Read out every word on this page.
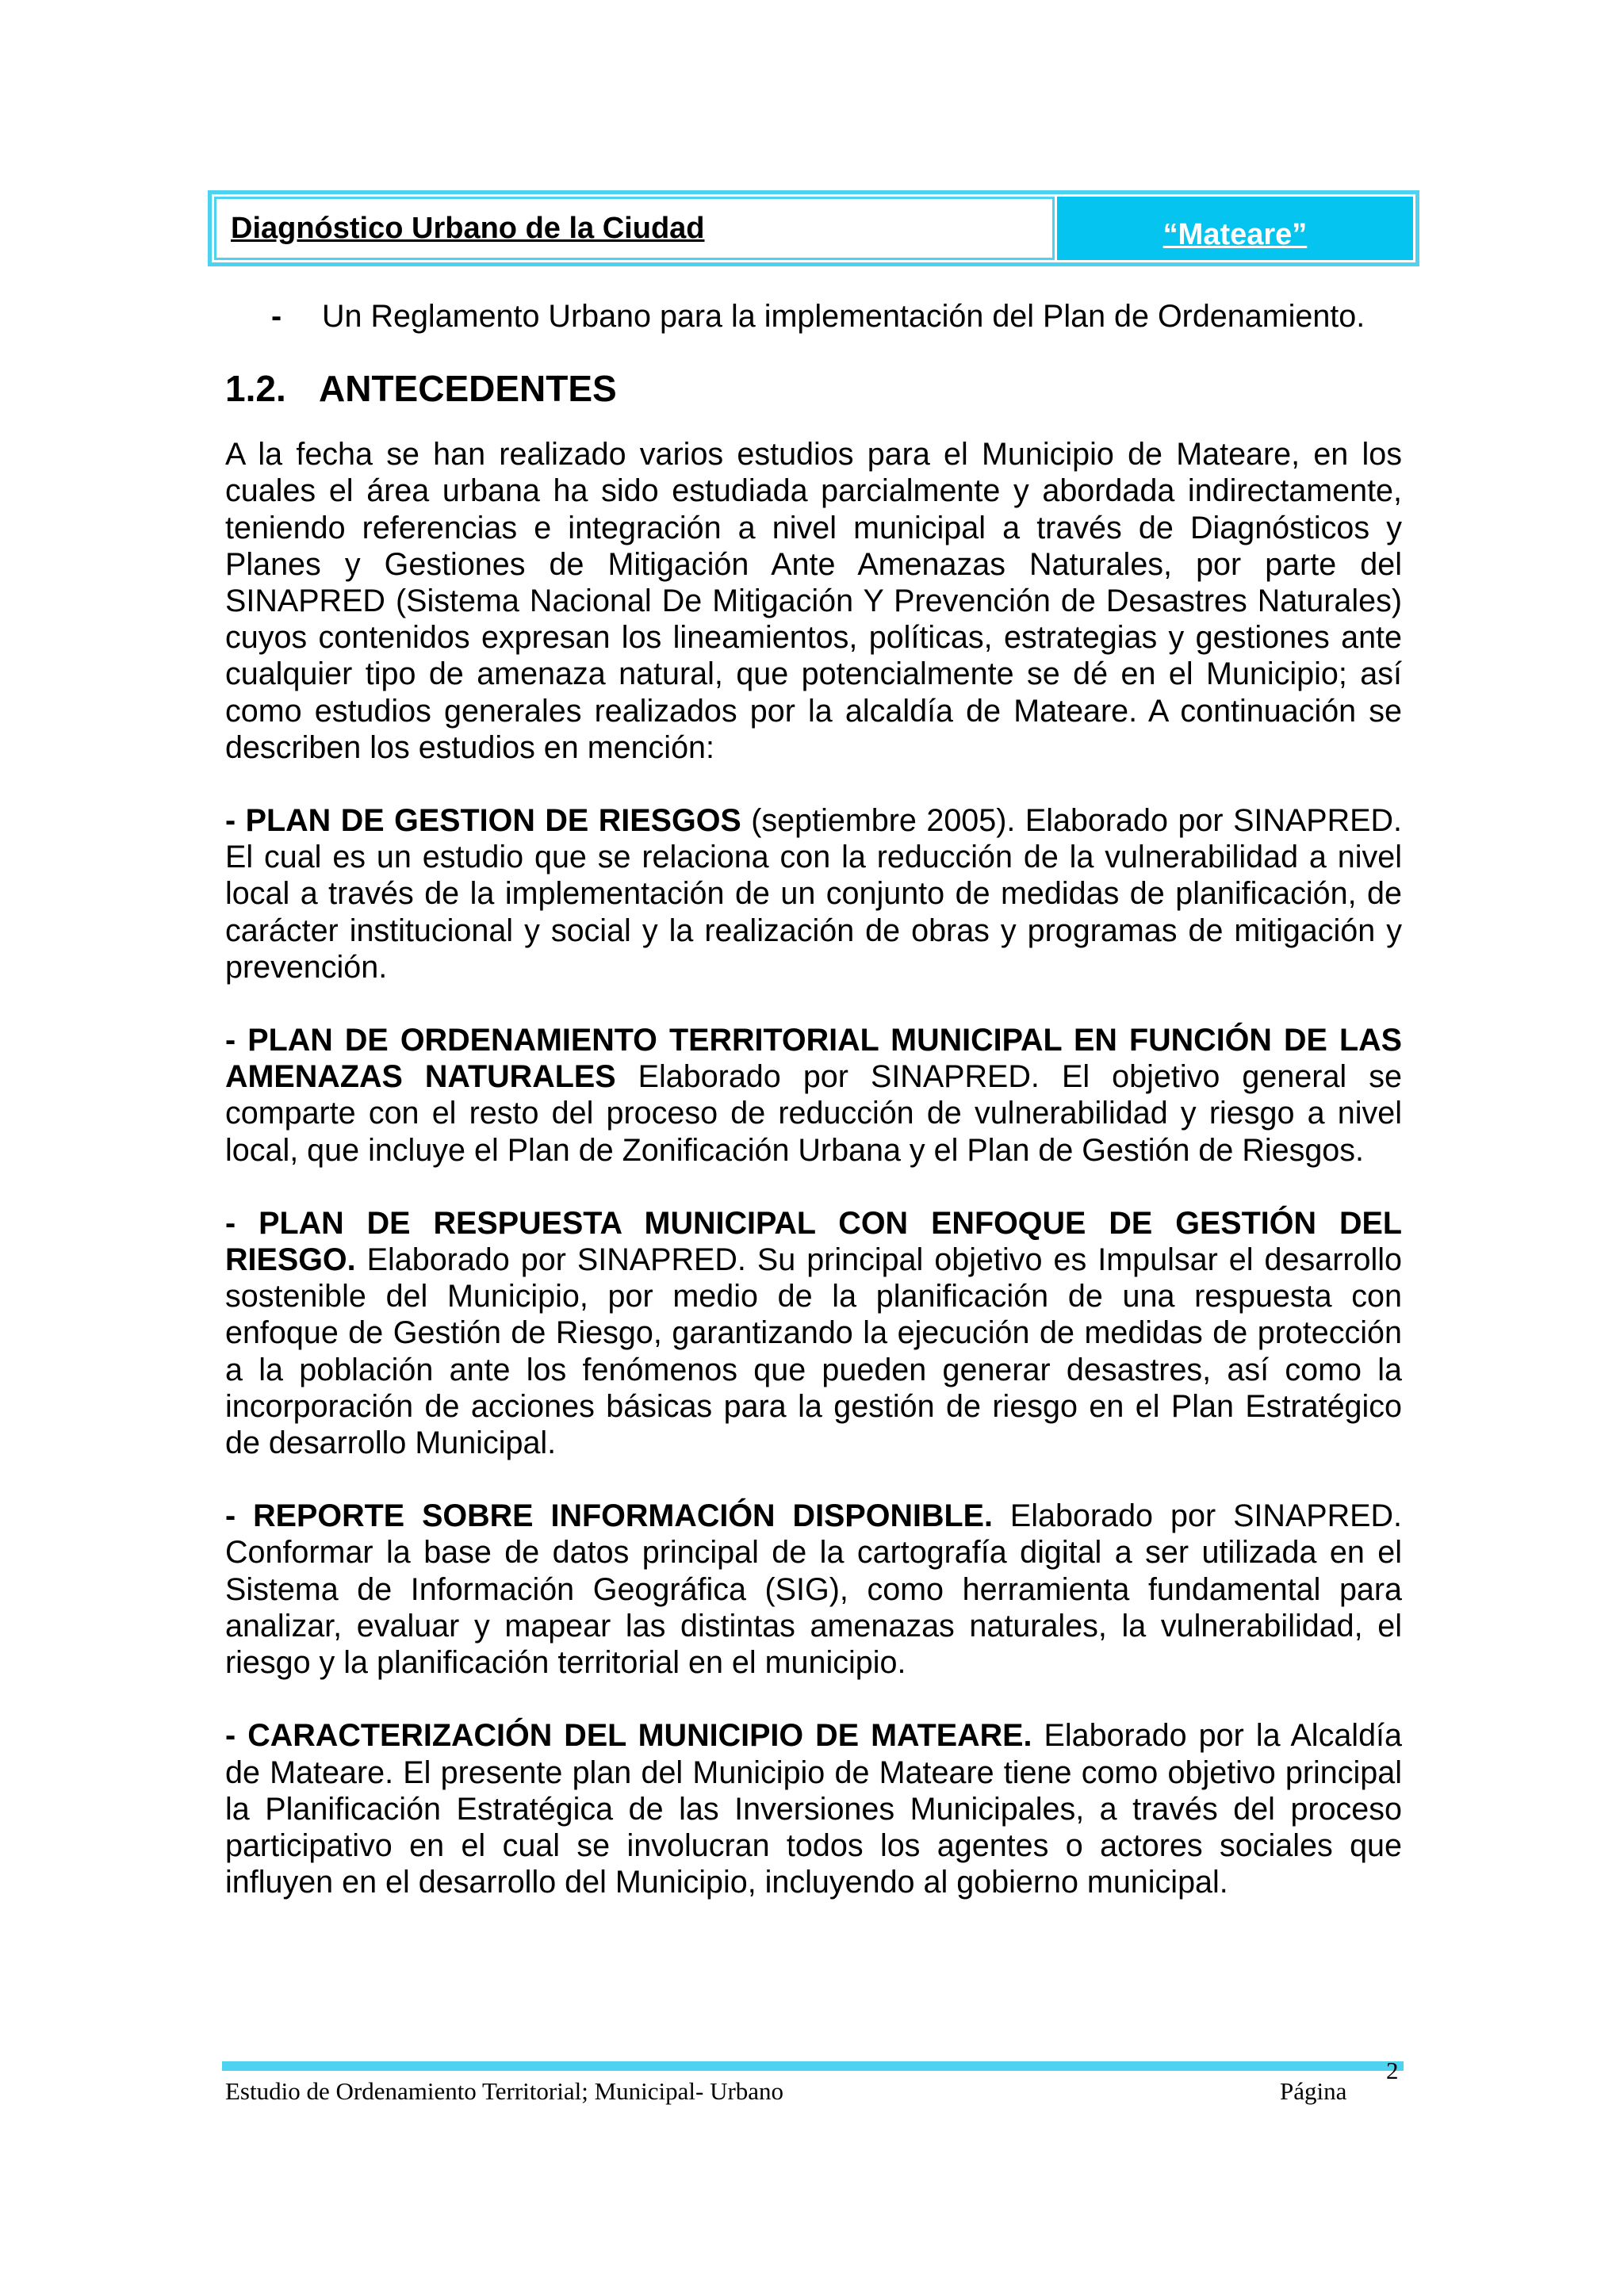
Diagnóstico Urbano de la Ciudad	“Mateare”
-	Un Reglamento Urbano para la implementación del Plan de Ordenamiento.
1.2. ANTECEDENTES

A la fecha se han realizado varios estudios para el Municipio de Mateare, en los cuales el área urbana ha sido estudiada parcialmente y abordada indirectamente, teniendo referencias e integración a nivel municipal a través de Diagnósticos y Planes y Gestiones de Mitigación Ante Amenazas Naturales, por parte del SINAPRED (Sistema Nacional De Mitigación Y Prevención de Desastres Naturales) cuyos contenidos expresan los lineamientos, políticas, estrategias y gestiones ante cualquier tipo de amenaza natural, que potencialmente se dé en el Municipio; así como estudios generales realizados por la alcaldía de Mateare. A continuación se describen los estudios en mención:

- PLAN DE GESTION DE RIESGOS (septiembre 2005). Elaborado por SINAPRED. El cual es un estudio que se relaciona con la reducción de la vulnerabilidad a nivel local a través de la implementación de un conjunto de medidas de planificación, de carácter institucional y social y la realización de obras y programas de mitigación y prevención.

- PLAN DE ORDENAMIENTO TERRITORIAL MUNICIPAL EN FUNCIÓN DE LAS AMENAZAS NATURALES Elaborado por SINAPRED. El objetivo general se comparte con el resto del proceso de reducción de vulnerabilidad y riesgo a nivel local, que incluye el Plan de Zonificación Urbana y el Plan de Gestión de Riesgos.

- PLAN DE RESPUESTA MUNICIPAL CON ENFOQUE DE GESTIÓN DEL RIESGO. Elaborado por SINAPRED. Su principal objetivo es Impulsar el desarrollo sostenible del Municipio, por medio de la planificación de una respuesta con enfoque de Gestión de Riesgo, garantizando la ejecución de medidas de protección a la población ante los fenómenos que pueden generar desastres, así como la incorporación de acciones básicas para la gestión de riesgo en el Plan Estratégico de desarrollo Municipal.

- REPORTE SOBRE INFORMACIÓN DISPONIBLE. Elaborado por SINAPRED. Conformar la base de datos principal de la cartografía digital a ser utilizada en el Sistema de Información Geográfica (SIG), como herramienta fundamental para analizar, evaluar y mapear las distintas amenazas naturales, la vulnerabilidad, el riesgo y la planificación territorial en el municipio.

- CARACTERIZACIÓN DEL MUNICIPIO DE MATEARE. Elaborado por la Alcaldía de Mateare. El presente plan del Municipio de Mateare tiene como objetivo principal la Planificación Estratégica de las Inversiones Municipales, a través del proceso participativo en el cual se involucran todos los agentes o actores sociales que influyen en el desarrollo del Municipio, incluyendo al gobierno municipal.

Estudio de Ordenamiento Territorial; Municipal- Urbano	Página
2
